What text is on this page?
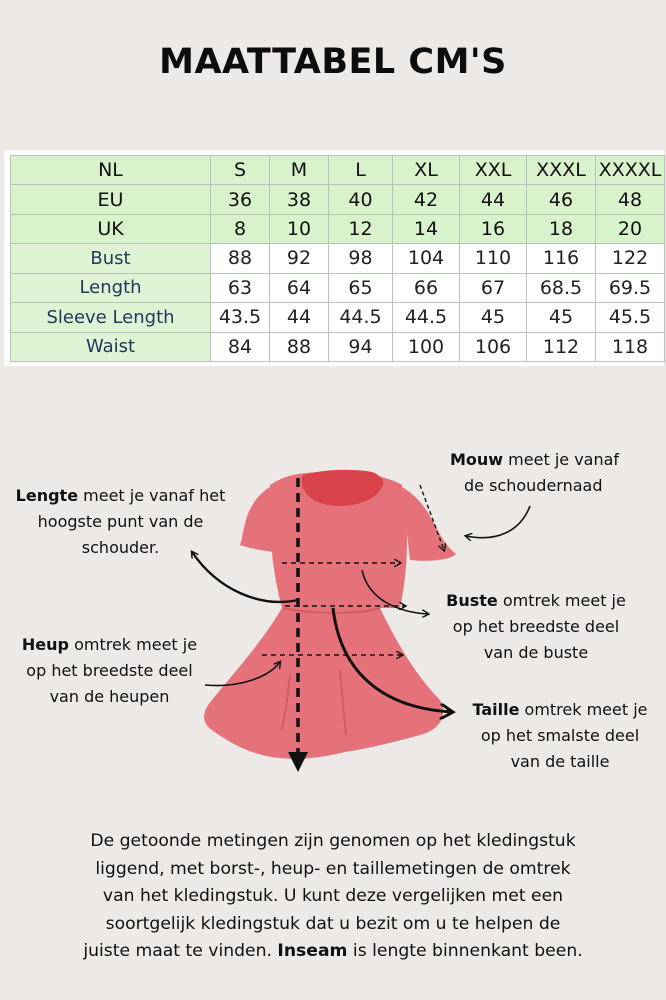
MAATTABEL CM'S
NL	S	M	L	XL	XXL	XXXL	XXXXL
EU	36	38	40	42	44	46	48
UK	8	10	12	14	16	18	20
Bust	88	92	98	104	110	116	122
Length	63	64	65	66	67	68.5	69.5
Sleeve Length	43.5	44	44.5	44.5	45	45	45.5
Waist	84	88	94	100	106	112	118
Mouw meet je vanaf
de schoudernaad
Lengte meet je vanaf het
hoogste punt van de
schouder.
Buste omtrek meet je
op het breedste deel
van de buste
Heup omtrek meet je
op het breedste deel
van de heupen
Taille omtrek meet je
op het smalste deel
van de taille
De getoonde metingen zijn genomen op het kledingstuk
liggend, met borst-, heup- en taillemetingen de omtrek
van het kledingstuk. U kunt deze vergelijken met een
soortgelijk kledingstuk dat u bezit om u te helpen de
juiste maat te vinden. Inseam is lengte binnenkant been.
